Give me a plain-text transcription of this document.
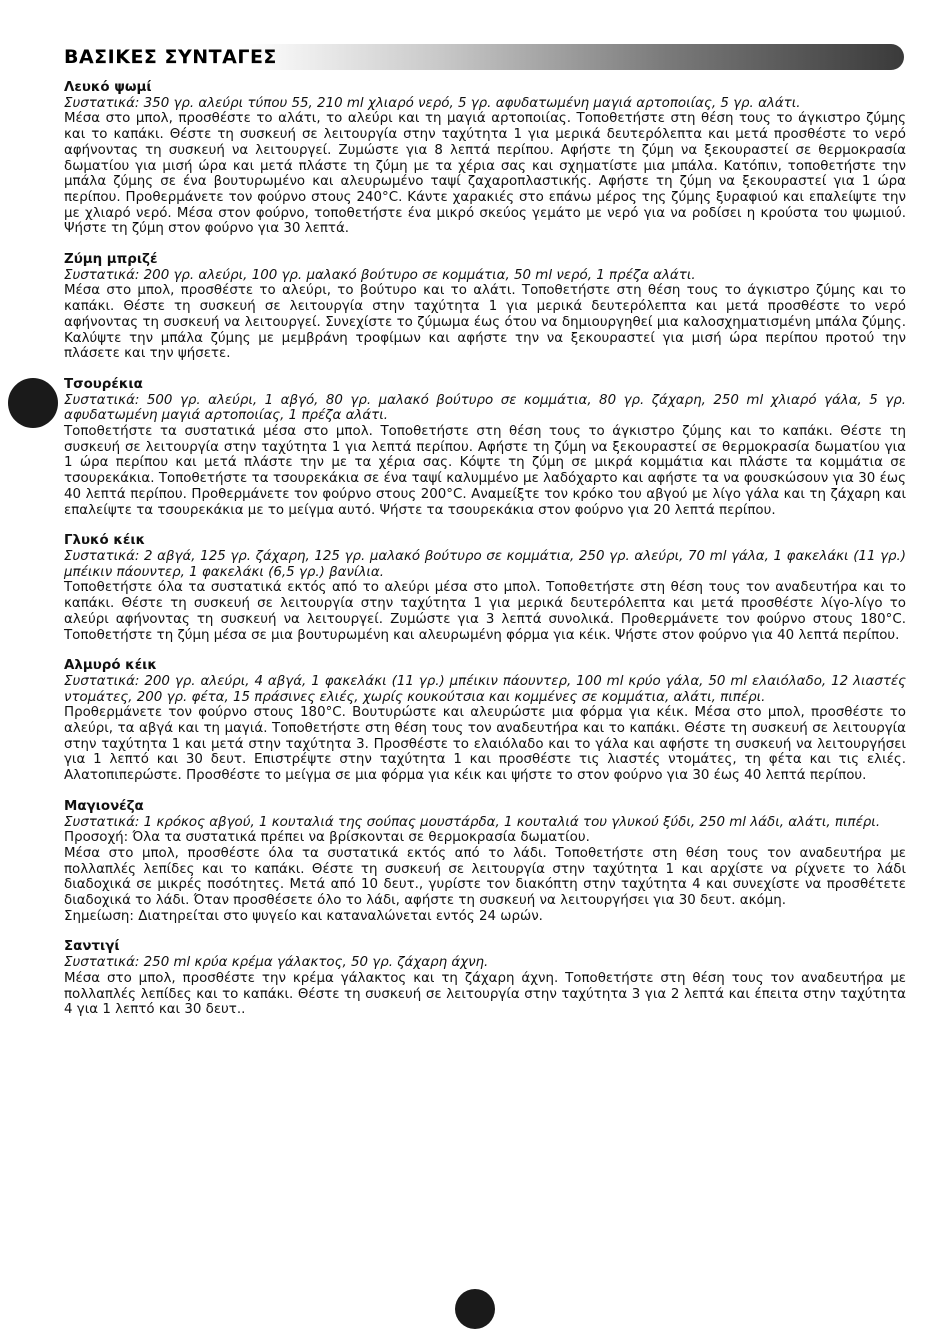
ΒΑΣΙΚΕΣ ΣΥΝΤΑΓΕΣ
Λευκό ψωμί

Συστατικά: 350 γρ. αλεύρι τύπου 55, 210 ml χλιαρό νερό, 5 γρ. αφυδατωμένη μαγιά αρτοποιίας, 5 γρ. αλάτι.

Μέσα στο μπολ, προσθέστε το αλάτι, το αλεύρι και τη μαγιά αρτοποιίας. Τοποθετήστε στη θέση τους το άγκιστρο ζύμης και το καπάκι. Θέστε τη συσκευή σε λειτουργία στην ταχύτητα 1 για μερικά δευτερόλεπτα και μετά προσθέστε το νερό αφήνοντας τη συσκευή να λειτουργεί. Ζυμώστε για 8 λεπτά περίπου. Αφήστε τη ζύμη να ξεκουραστεί σε θερμοκρασία δωματίου για μισή ώρα και μετά πλάστε τη ζύμη με τα χέρια σας και σχηματίστε μια μπάλα. Κατόπιν, τοποθετήστε την μπάλα ζύμης σε ένα βουτυρωμένο και αλευρωμένο ταψί ζαχαροπλαστικής. Αφήστε τη ζύμη να ξεκουραστεί για 1 ώρα περίπου. Προθερμάνετε τον φούρνο στους 240°C. Κάντε χαρακιές στο επάνω μέρος της ζύμης ξυραφιού και επαλείψτε την με χλιαρό νερό. Μέσα στον φούρνο, τοποθετήστε ένα μικρό σκεύος γεμάτο με νερό για να ροδίσει η κρούστα του ψωμιού. Ψήστε τη ζύμη στον φούρνο για 30 λεπτά.

Ζύμη μπριζέ

Συστατικά: 200 γρ. αλεύρι, 100 γρ. μαλακό βούτυρο σε κομμάτια, 50 ml νερό, 1 πρέζα αλάτι.

Μέσα στο μπολ, προσθέστε το αλεύρι, το βούτυρο και το αλάτι. Τοποθετήστε στη θέση τους το άγκιστρο ζύμης και το καπάκι. Θέστε τη συσκευή σε λειτουργία στην ταχύτητα 1 για μερικά δευτερόλεπτα και μετά προσθέστε το νερό αφήνοντας τη συσκευή να λειτουργεί. Συνεχίστε το ζύμωμα έως ότου να δημιουργηθεί μια καλοσχηματισμένη μπάλα ζύμης. Καλύψτε την μπάλα ζύμης με μεμβράνη τροφίμων και αφήστε την να ξεκουραστεί για μισή ώρα περίπου προτού την πλάσετε και την ψήσετε.

Τσουρέκια

Συστατικά: 500 γρ. αλεύρι, 1 αβγό, 80 γρ. μαλακό βούτυρο σε κομμάτια, 80 γρ. ζάχαρη, 250 ml χλιαρό γάλα, 5 γρ. αφυδατωμένη μαγιά αρτοποιίας, 1 πρέζα αλάτι.

Τοποθετήστε τα συστατικά μέσα στο μπολ. Τοποθετήστε στη θέση τους το άγκιστρο ζύμης και το καπάκι. Θέστε τη συσκευή σε λειτουργία στην ταχύτητα 1 για λεπτά περίπου. Αφήστε τη ζύμη να ξεκουραστεί σε θερμοκρασία δωματίου για 1 ώρα περίπου και μετά πλάστε την με τα χέρια σας. Κόψτε τη ζύμη σε μικρά κομμάτια και πλάστε τα κομμάτια σε τσουρεκάκια. Τοποθετήστε τα τσουρεκάκια σε ένα ταψί καλυμμένο με λαδόχαρτο και αφήστε τα να φουσκώσουν για 30 έως 40 λεπτά περίπου. Προθερμάνετε τον φούρνο στους 200°C. Αναμείξτε τον κρόκο του αβγού με λίγο γάλα και τη ζάχαρη και επαλείψτε τα τσουρεκάκια με το μείγμα αυτό. Ψήστε τα τσουρεκάκια στον φούρνο για 20 λεπτά περίπου.

Γλυκό κέικ

Συστατικά: 2 αβγά, 125 γρ. ζάχαρη, 125 γρ. μαλακό βούτυρο σε κομμάτια, 250 γρ. αλεύρι, 70 ml γάλα, 1 φακελάκι (11 γρ.) μπέικιν πάουντερ, 1 φακελάκι (6,5 γρ.) βανίλια.

Τοποθετήστε όλα τα συστατικά εκτός από το αλεύρι μέσα στο μπολ. Τοποθετήστε στη θέση τους τον αναδευτήρα και το καπάκι. Θέστε τη συσκευή σε λειτουργία στην ταχύτητα 1 για μερικά δευτερόλεπτα και μετά προσθέστε λίγο-λίγο το αλεύρι αφήνοντας τη συσκευή να λειτουργεί. Ζυμώστε για 3 λεπτά συνολικά. Προθερμάνετε τον φούρνο στους 180°C. Τοποθετήστε τη ζύμη μέσα σε μια βουτυρωμένη και αλευρωμένη φόρμα για κέικ. Ψήστε στον φούρνο για 40 λεπτά περίπου.

Αλμυρό κέικ

Συστατικά: 200 γρ. αλεύρι, 4 αβγά, 1 φακελάκι (11 γρ.) μπέικιν πάουντερ, 100 ml κρύο γάλα, 50 ml ελαιόλαδο, 12 λιαστές ντομάτες, 200 γρ. φέτα, 15 πράσινες ελιές, χωρίς κουκούτσια και κομμένες σε κομμάτια, αλάτι, πιπέρι.

Προθερμάνετε τον φούρνο στους 180°C. Βουτυρώστε και αλευρώστε μια φόρμα για κέικ. Μέσα στο μπολ, προσθέστε το αλεύρι, τα αβγά και τη μαγιά. Τοποθετήστε στη θέση τους τον αναδευτήρα και το καπάκι. Θέστε τη συσκευή σε λειτουργία στην ταχύτητα 1 και μετά στην ταχύτητα 3. Προσθέστε το ελαιόλαδο και το γάλα και αφήστε τη συσκευή να λειτουργήσει για 1 λεπτό και 30 δευτ. Επιστρέψτε στην ταχύτητα 1 και προσθέστε τις λιαστές ντομάτες, τη φέτα και τις ελιές. Αλατοπιπερώστε. Προσθέστε το μείγμα σε μια φόρμα για κέικ και ψήστε το στον φούρνο για 30 έως 40 λεπτά περίπου.

Μαγιονέζα

Συστατικά: 1 κρόκος αβγού, 1 κουταλιά της σούπας μουστάρδα, 1 κουταλιά του γλυκού ξύδι, 250 ml λάδι, αλάτι, πιπέρι.

Προσοχή: Όλα τα συστατικά πρέπει να βρίσκονται σε θερμοκρασία δωματίου.

Μέσα στο μπολ, προσθέστε όλα τα συστατικά εκτός από το λάδι. Τοποθετήστε στη θέση τους τον αναδευτήρα με πολλαπλές λεπίδες και το καπάκι. Θέστε τη συσκευή σε λειτουργία στην ταχύτητα 1 και αρχίστε να ρίχνετε το λάδι διαδοχικά σε μικρές ποσότητες. Μετά από 10 δευτ., γυρίστε τον διακόπτη στην ταχύτητα 4 και συνεχίστε να προσθέτετε διαδοχικά το λάδι. Όταν προσθέσετε όλο το λάδι, αφήστε τη συσκευή να λειτουργήσει για 30 δευτ. ακόμη.

Σημείωση: Διατηρείται στο ψυγείο και καταναλώνεται εντός 24 ωρών.

Σαντιγί

Συστατικά: 250 ml κρύα κρέμα γάλακτος, 50 γρ. ζάχαρη άχνη.

Μέσα στο μπολ, προσθέστε την κρέμα γάλακτος και τη ζάχαρη άχνη. Τοποθετήστε στη θέση τους τον αναδευτήρα με πολλαπλές λεπίδες και το καπάκι. Θέστε τη συσκευή σε λειτουργία στην ταχύτητα 3 για 2 λεπτά και έπειτα στην ταχύτητα 4 για 1 λεπτό και 30 δευτ..
